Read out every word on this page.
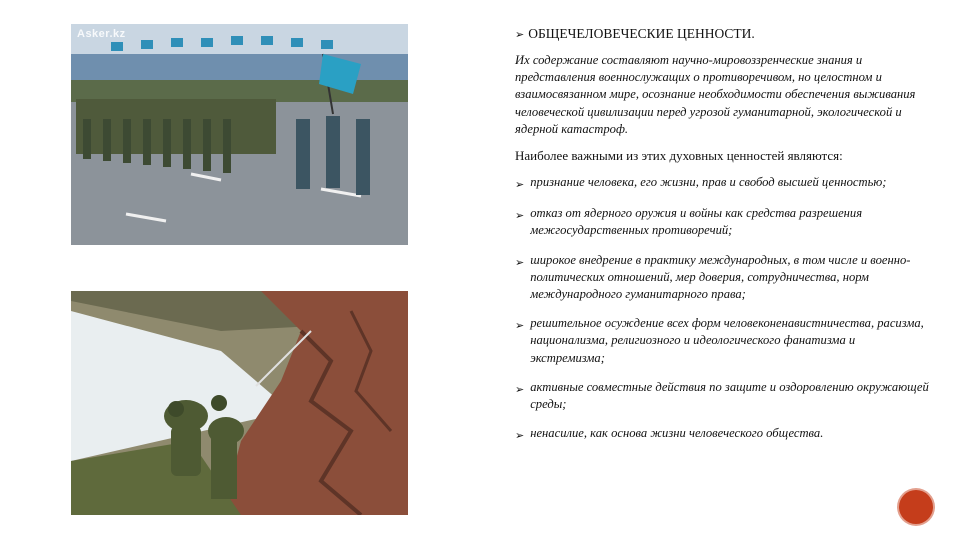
Asker.kz	➢ ОБЩЕЧЕЛОВЕЧЕСКИЕ ЦЕННОСТИ.

Их содержание составляют научно-мировоззренческие знания и представления военнослужащих о противоречивом, но целостном и взаимосвязанном мире, осознание необходимости обеспечения выживания человеческой цивилизации перед угрозой гуманитарной, экологической и ядерной катастроф.

Наиболее важными из этих духовных ценностей являются:

➢ признание человека, его жизни, прав и свобод высшей ценностью;
➢ отказ от ядерного оружия и войны как средства разрешения межгосударственных противоречий;
➢ широкое внедрение в практику международных, в том числе и военно-политических отношений, мер доверия, сотрудничества, норм международного гуманитарного права;
➢ решительное осуждение всех форм человеконенавистничества, расизма, национализма, религиозного и идеологического фанатизма и экстремизма;
➢ активные совместные действия по защите и оздоровлению окружающей среды;
➢ ненасилие, как основа жизни человеческого общества.
